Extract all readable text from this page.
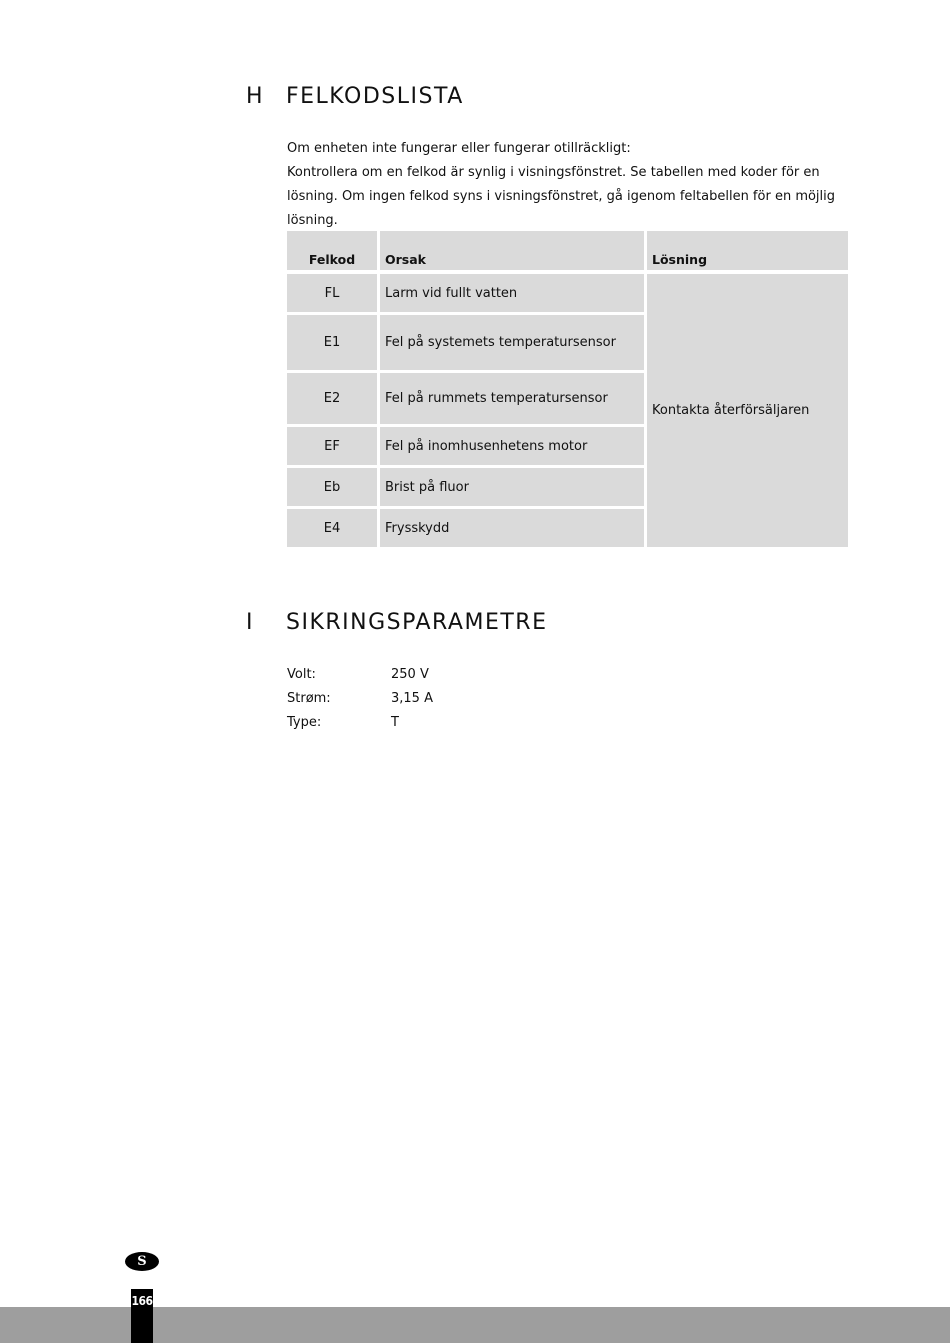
H FELKODSLISTA

Om enheten inte fungerar eller fungerar otillräckligt:

Kontrollera om en felkod är synlig i visningsfönstret. Se tabellen med koder för en lösning. Om ingen felkod syns i visningsfönstret, gå igenom feltabellen för en möjlig lösning.

Felkod	Orsak	Lösning
FL	Larm vid fullt vatten
E1	Fel på systemets temperatursensor
E2	Fel på rummets temperatursensor
EF	Fel på inomhusenhetens motor
Eb	Brist på fluor
E4	Frysskydd
Kontakta återförsäljaren
I SIKRINGSPARAMETRE
Volt:	250 V
Strøm:	3,15 A
Type:	T
S
166
